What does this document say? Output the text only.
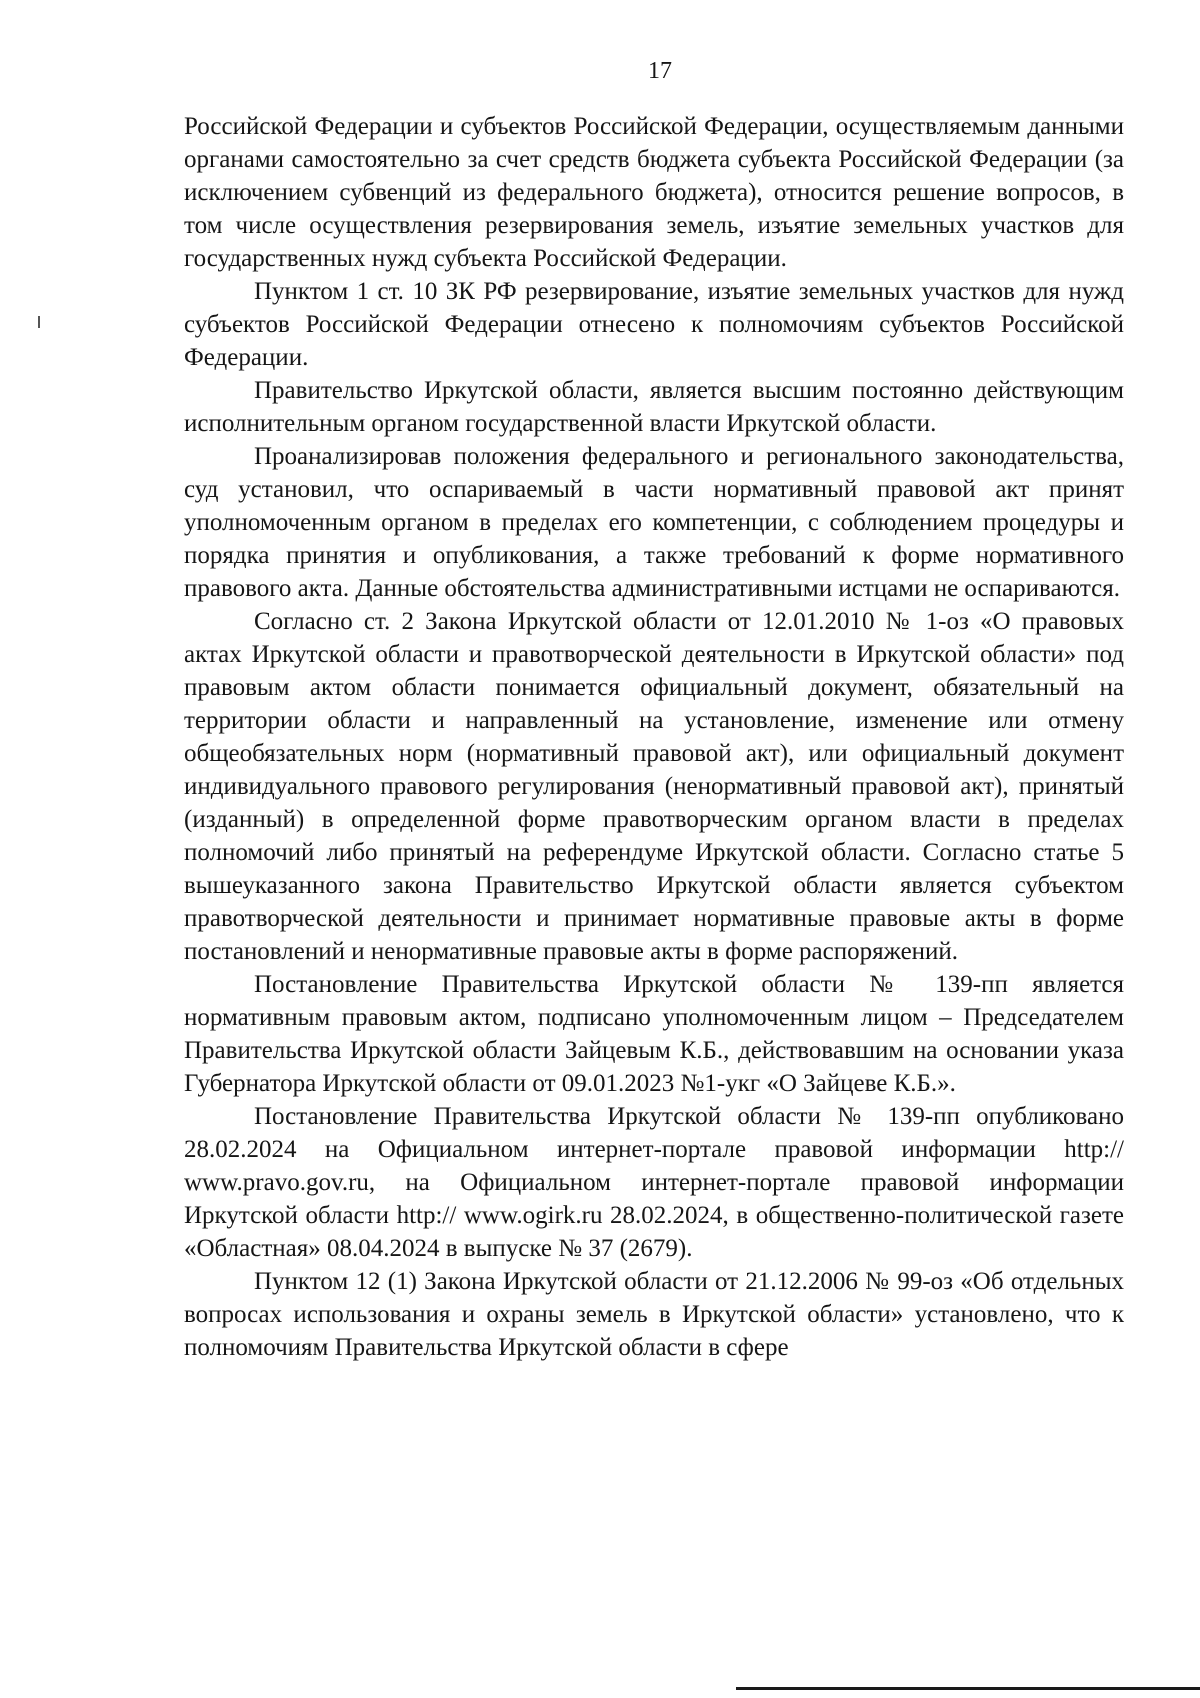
17

Российской Федерации и субъектов Российской Федерации, осуществляемым данными органами самостоятельно за счет средств бюджета субъекта Российской Федерации (за исключением субвенций из федерального бюджета), относится решение вопросов, в том числе осуществления резервирования земель, изъятие земельных участков для государственных нужд субъекта Российской Федерации.

Пунктом 1 ст. 10 ЗК РФ резервирование, изъятие земельных участков для нужд субъектов Российской Федерации отнесено к полномочиям субъектов Российской Федерации.

Правительство Иркутской области, является высшим постоянно действующим исполнительным органом государственной власти Иркутской области.

Проанализировав положения федерального и регионального законодательства, суд установил, что оспариваемый в части нормативный правовой акт принят уполномоченным органом в пределах его компетенции, с соблюдением процедуры и порядка принятия и опубликования, а также требований к форме нормативного правового акта. Данные обстоятельства административными истцами не оспариваются.

Согласно ст. 2 Закона Иркутской области от 12.01.2010 № 1-оз «О правовых актах Иркутской области и правотворческой деятельности в Иркутской области» под правовым актом области понимается официальный документ, обязательный на территории области и направленный на установление, изменение или отмену общеобязательных норм (нормативный правовой акт), или официальный документ индивидуального правового регулирования (ненормативный правовой акт), принятый (изданный) в определенной форме правотворческим органом власти в пределах полномочий либо принятый на референдуме Иркутской области. Согласно статье 5 вышеуказанного закона Правительство Иркутской области является субъектом правотворческой деятельности и принимает нормативные правовые акты в форме постановлений и ненормативные правовые акты в форме распоряжений.

Постановление Правительства Иркутской области № 139-пп является нормативным правовым актом, подписано уполномоченным лицом – Председателем Правительства Иркутской области Зайцевым К.Б., действовавшим на основании указа Губернатора Иркутской области от 09.01.2023 №1-укг «О Зайцеве К.Б.».

Постановление Правительства Иркутской области № 139-пп опубликовано 28.02.2024 на Официальном интернет-портале правовой информации http:// www.pravo.gov.ru, на Официальном интернет-портале правовой информации Иркутской области http:// www.ogirk.ru 28.02.2024, в общественно-политической газете «Областная» 08.04.2024 в выпуске № 37 (2679).

Пунктом 12 (1) Закона Иркутской области от 21.12.2006 № 99-оз «Об отдельных вопросах использования и охраны земель в Иркутской области» установлено, что к полномочиям Правительства Иркутской области в сфере
